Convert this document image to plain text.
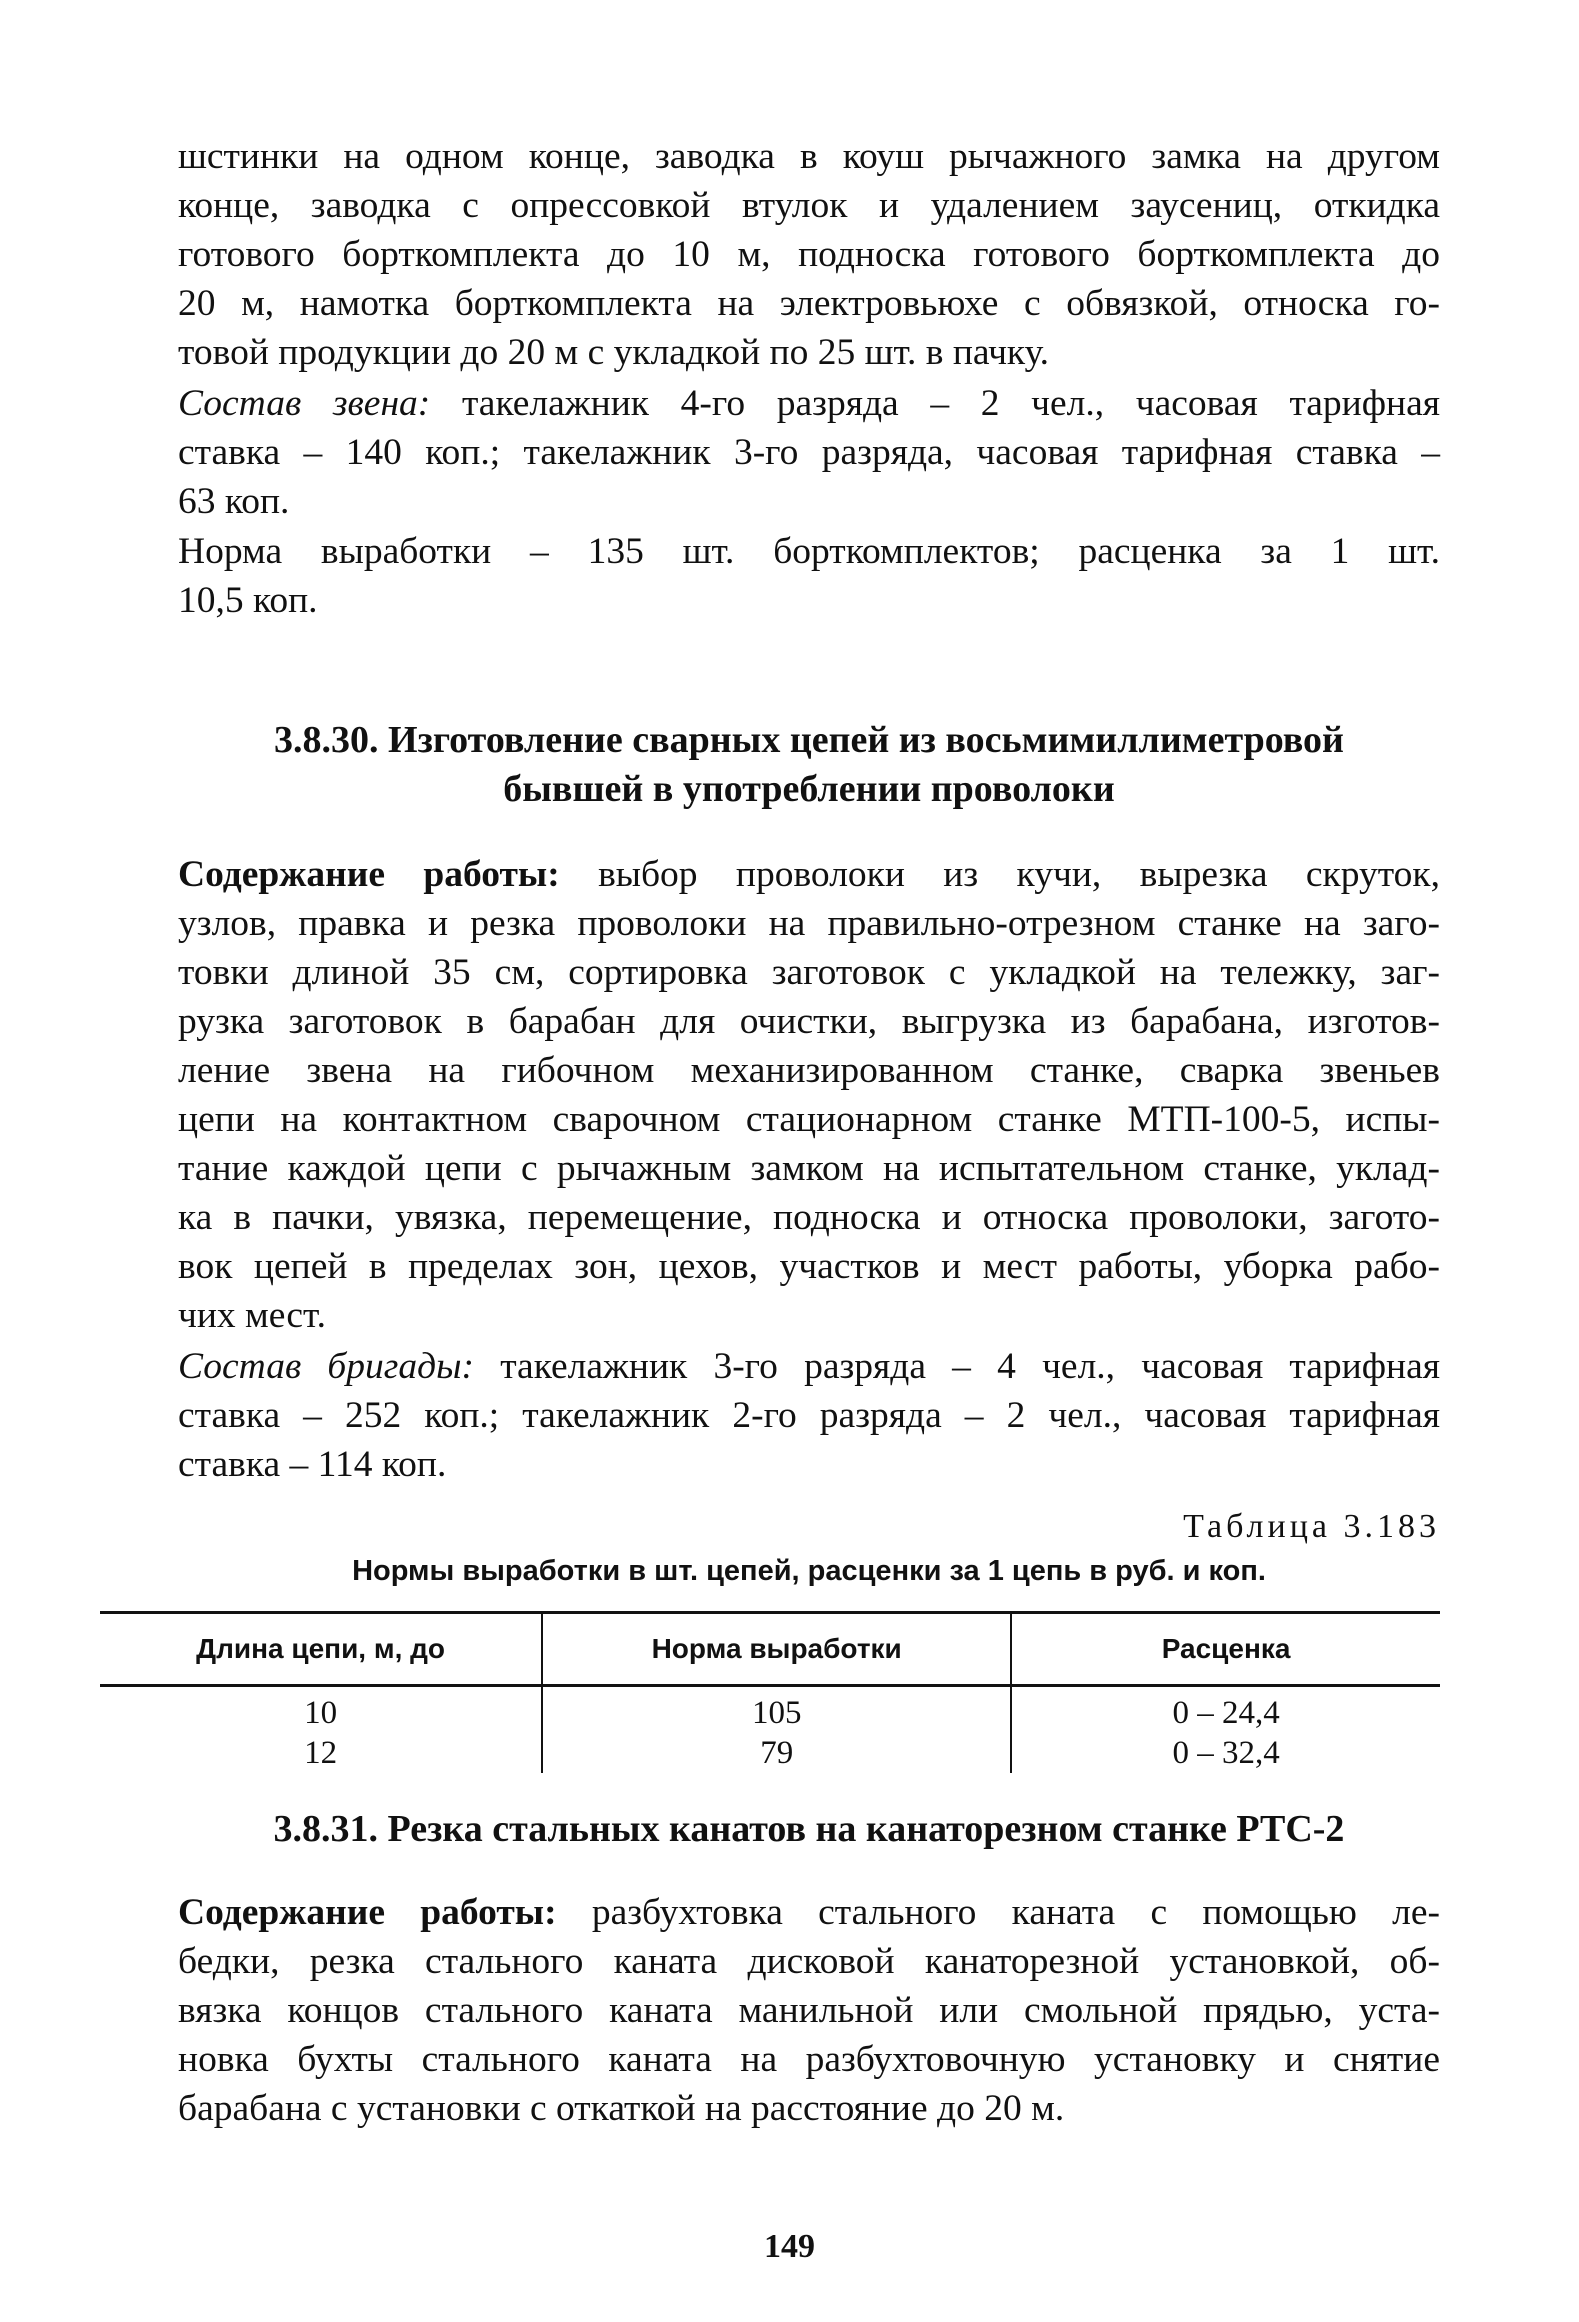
шстинки на одном конце, заводка в коуш рычажного замка на другом
конце, заводка с опрессовкой втулок и удалением заусениц, откидка
готового борткомплекта до 10 м, подноска готового борткомплекта до
20 м, намотка борткомплекта на электровьюхе с обвязкой, относка го-
товой продукции до 20 м с укладкой по 25 шт. в пачку.
Состав звена: такелажник 4-го разряда – 2 чел., часовая тарифная
ставка – 140 коп.; такелажник 3-го разряда, часовая тарифная ставка –
63 коп.
Норма выработки – 135 шт. борткомплектов; расценка за 1 шт.
10,5 коп.

3.8.30. Изготовление сварных цепей из восьмимиллиметровой

бывшей в употреблении проволоки

Содержание работы: выбор проволоки из кучи, вырезка скруток,
узлов, правка и резка проволоки на правильно-отрезном станке на заго-
товки длиной 35 см, сортировка заготовок с укладкой на тележку, заг-
рузка заготовок в барабан для очистки, выгрузка из барабана, изготов-
ление звена на гибочном механизированном станке, сварка звеньев
цепи на контактном сварочном стационарном станке МТП-100-5, испы-
тание каждой цепи с рычажным замком на испытательном станке, уклад-
ка в пачки, увязка, перемещение, подноска и относка проволоки, загото-
вок цепей в пределах зон, цехов, участков и мест работы, уборка рабо-
чих мест.
Состав бригады: такелажник 3-го разряда – 4 чел., часовая тарифная
ставка – 252 коп.; такелажник 2-го разряда – 2 чел., часовая тарифная
ставка – 114 коп.

Таблица 3.183

Нормы выработки в шт. цепей, расценки за 1 цепь в руб. и коп.

Длина цепи, м, до	Норма выработки	Расценка
10	105	0 – 24,4
12	79	0 – 32,4

3.8.31. Резка стальных канатов на канаторезном станке РТС-2

Содержание работы: разбухтовка стального каната с помощью ле-
бедки, резка стального каната дисковой канаторезной установкой, об-
вязка концов стального каната манильной или смольной прядью, уста-
новка бухты стального каната на разбухтовочную установку и снятие
барабана с установки с откаткой на расстояние до 20 м.

149
